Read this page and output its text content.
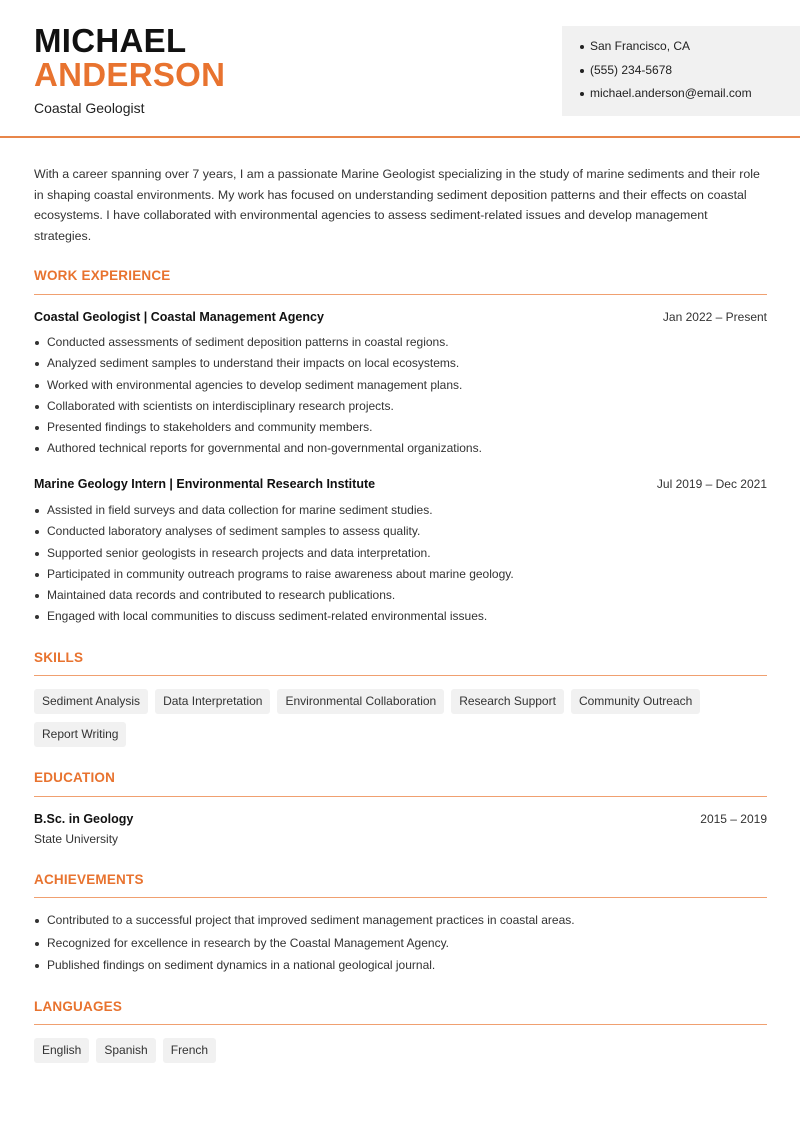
MICHAEL
ANDERSON
Coastal Geologist
San Francisco, CA
(555) 234-5678
michael.anderson@email.com

With a career spanning over 7 years, I am a passionate Marine Geologist specializing in the study of marine sediments and their role in shaping coastal environments. My work has focused on understanding sediment deposition patterns and their effects on coastal ecosystems. I have collaborated with environmental agencies to assess sediment-related issues and develop management strategies.

WORK EXPERIENCE
Coastal Geologist | Coastal Management Agency	Jan 2022 – Present
Conducted assessments of sediment deposition patterns in coastal regions.
Analyzed sediment samples to understand their impacts on local ecosystems.
Worked with environmental agencies to develop sediment management plans.
Collaborated with scientists on interdisciplinary research projects.
Presented findings to stakeholders and community members.
Authored technical reports for governmental and non-governmental organizations.
Marine Geology Intern | Environmental Research Institute	Jul 2019 – Dec 2021
Assisted in field surveys and data collection for marine sediment studies.
Conducted laboratory analyses of sediment samples to assess quality.
Supported senior geologists in research projects and data interpretation.
Participated in community outreach programs to raise awareness about marine geology.
Maintained data records and contributed to research publications.
Engaged with local communities to discuss sediment-related environmental issues.
SKILLS
Sediment Analysis	Data Interpretation	Environmental Collaboration	Research Support	Community Outreach
Report Writing
EDUCATION
B.Sc. in Geology	2015 – 2019
State University
ACHIEVEMENTS
Contributed to a successful project that improved sediment management practices in coastal areas.
Recognized for excellence in research by the Coastal Management Agency.
Published findings on sediment dynamics in a national geological journal.
LANGUAGES
English	Spanish	French
